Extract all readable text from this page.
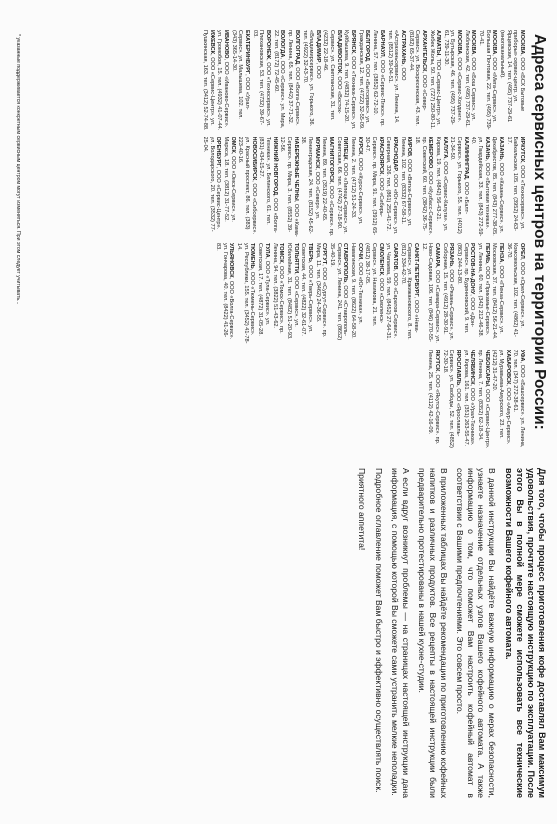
Адреса сервисных центров на территории России:
МОСКВА, ООО «БСХ Бытовые приборы» сервис-центр. ул. Ярцевская, 14. тел. (495) 737-29-61 (многоканальный).
МОСКВА, ООО «Мега-Сервис». ул. Большая Почтовая, 22. тел. (495) 739-70-41.
МОСКВА, ООО «Бош Сервис». ул. Люблинская, 42. тел. (495) 737-29-61.
МОСКВА, ООО «Сервис-Холдинг». ул. Бутырская, 46. тел. (495) 737-29-61, 739-11-30.
АЛМАТЫ, ТОО «Сервис-Центр». ул. Жибек Жолы, 50. тел. (727) 250-80-11.
АРХАНГЕЛЬСК, ООО «Север-Сервис». ул. Воскресенская, 43. тел. (8182) 65-37-44.
АСТРАХАНЬ, ООО «Астраханьсервис». ул. Ленина, 14. тел. (8512) 39-04-51.
БАРНАУЛ, ООО «Сервис-Плюс». пр. Ленина, 57. тел. (3852) 62-72-10.
БЕЛГОРОД, ООО «Бытсервис». ул. Гражданская, 12. тел. (4722) 32-55-09.
БРЯНСК, ООО «Техника-Сервис». ул. Куйбышева, 9. тел. (4832) 74-15-20.
ВЛАДИВОСТОК, ООО «Восток-Сервис». ул. Светланская, 31. тел. (4232) 22-18-46.
ВЛАДИМИР, ООО «Владимирсервис». ул. Горького, 36. тел. (4922) 32-43-70.
ВОЛГОГРАД, ООО «Волга-Сервис». пр. Ленина, 65. тел. (8442) 37-71-32.
ВОЛОГДА, ООО «Сервис». ул. Мира, 22. тел. (8172) 72-45-60.
ВОРОНЕЖ, ООО «Техносервис». ул. Плехановская, 53. тел. (4732) 39-67-03.
ЕКАТЕРИНБУРГ, ООО «Урал-Сервис». ул. Малышева, 102. тел. (343) 365-14-30.
ИВАНОВО, ООО «Иваново-Сервис». ул. Громобоя, 15. тел. (4932) 41-07-44.
ИЖЕВСК, ООО «Сервис-Центр». ул. Пушкинская, 163. тел. (3412) 52-74-88.
ИРКУТСК, ООО «Техносервис». ул. Байкальская, 105. тел. (3952) 24-63-17.
КАЗАНЬ, ООО «Казань-Сервис». ул. Декабристов, 85. тел. (843) 277-38-05.
КАЗАНЬ, ООО «Бытовая техника». ул. Гвардейская, 33. тел. (843) 272-59-40.
КАЛИНИНГРАД, ООО «Балт-Сервис». ул. Горького, 55. тел. (4012) 21-34-50.
КАЛУГА, ООО «Сервис-Калуга». ул. Кирова, 19. тел. (4842) 56-43-21.
КЕМЕРОВО, ООО «Кузбасс-Сервис». пр. Советский, 60. тел. (3842) 36-75-18.
КИРОВ, ООО «Вятка-Сервис». ул. Ленина, 102. тел. (8332) 67-58-11.
КРАСНОДАР, ООО «Юг-Сервис». ул. Северная, 326. тел. (861) 255-41-72.
КРАСНОЯРСК, ООО «Сибирь-Сервис». пр. Мира, 91. тел. (3912) 65-30-47.
КУРСК, ООО «Курск-Сервис». ул. Ленина, 2. тел. (4712) 51-24-33.
ЛИПЕЦК, ООО «Липецк-Сервис». ул. Советская, 66. тел. (4742) 27-18-90.
МАГНИТОГОРСК, ООО «Сервис». пр. Ленина, 89. тел. (3519) 22-40-65.
МУРМАНСК, ООО «Север». ул. Ленинградская, 24. тел. (8152) 45-62-38.
НАБЕРЕЖНЫЕ ЧЕЛНЫ, ООО «Кама-Сервис». пр. Мира, 3. тел. (8552) 39-12-56.
НИЖНИЙ НОВГОРОД, ООО «Волга-Техника». ул. Белинского, 61. тел. (831) 434-15-27.
НОВОСИБИРСК, ООО «Сибсервис». ул. Красный проспект, 86. тел. (383) 223-40-16.
ОМСК, ООО «Омск-Сервис». ул. Маркса, 18. тел. (3812) 31-77-52.
ОРЕНБУРГ, ООО «Сервис-Центр». ул. Володарского, 20. тел. (3532) 77-25-04.
ОРЕЛ, ООО «Орел-Сервис». ул. Комсомольская, 102. тел. (4862) 41-36-70.
ПЕНЗА, ООО «Пенза-Сервис». ул. Московская, 37. тел. (8412) 56-21-44.
ПЕРМЬ, ООО «Прикамье-Сервис». ул. Ленина, 60. тел. (342) 212-46-38.
РОСТОВ-НА-ДОНУ, ООО «Дон-Сервис». пр. Буденновский, 9. тел. (863) 244-13-80.
РЯЗАНЬ, ООО «Рязань-Сервис». ул. Соборная, 15. тел. (4912) 28-30-91.
САМАРА, ООО «Самара-Сервис». ул. Ново-Садовая, 106. тел. (846) 270-55-12.
САНКТ-ПЕТЕРБУРГ, ООО «Нева-Сервис». ул. Кржижановского, 8. тел. (812) 334-42-70.
САРАТОВ, ООО «Саратов-Сервис». ул. Чапаева, 59. тел. (8452) 27-64-31.
СМОЛЕНСК, ООО «Смоленск-Сервис». ул. Нахимова, 21. тел. (4812) 38-17-05.
СОЧИ, ООО «Юг-Техника». ул. Навагинская, 9. тел. (8622) 64-58-20.
СТАВРОПОЛЬ, ООО «Ставрополь-Сервис». ул. Ленина, 241. тел. (8652) 35-40-19.
СУРГУТ, ООО «Сургут-Сервис». пр. Мира, 11. тел. (3462) 24-36-55.
ТВЕРЬ, ООО «Тверь-Сервис». ул. Советская, 44. тел. (4822) 32-61-07.
ТОЛЬЯТТИ, ООО «Сервис». ул. Юбилейная, 31. тел. (8482) 51-20-93.
ТОМСК, ООО «Томск-Сервис». пр. Ленина, 94. тел. (3822) 51-43-62.
ТУЛА, ООО «Тула-Сервис». ул. Советская, 17. тел. (4872) 31-05-28.
ТЮМЕНЬ, ООО «Тюмень-Сервис». ул. Республики, 155. тел. (3452) 41-78-14.
УЛЬЯНОВСК, ООО «Волга-Сервис». ул. Гончарова, 40. тел. (8422) 41-26-83.
УФА, ООО «Башсервис». ул. Ленина, 70. тел. (347) 272-38-61.
ХАБАРОВСК, ООО «Амур-Сервис». ул. Муравьева-Амурского, 23. тел. (4212) 31-47-20.
ЧЕБОКСАРЫ, ООО «Сервис-Центр». пр. Ленина, 7. тел. (8352) 62-18-34.
ЧЕЛЯБИНСК, ООО «Урал-Техника». ул. Кирова, 161. тел. (351) 263-55-47.
ЯРОСЛАВЛЬ, ООО «Ярославль-Сервис». ул. Свободы, 52. тел. (4852) 72-30-18.
ЯКУТСК, ООО «Якутск-Сервис». пр. Ленина, 25. тел. (4112) 42-16-09.
* указанные поддерживается конкретным сервисным центром могут изменяться. При этом следует учитывать...

Для того, чтобы процесс приготовления кофе доставлял Вам максимум удовольствия, прочтите настоящую инструкцию по эксплуатации. После этого Вы в полной мере сможете использовать все технические возможности Вашего кофейного автомата.

В данной инструкции Вы найдёте важную информацию о мерах безопасности, узнаете назначение отдельных узлов Вашего кофейного автомата. А также информацию о том, что поможет Вам настроить кофейный автомат в соответствии с Вашими предпочтениями. Это совсем просто.

В приложенных таблицах Вы найдёте рекомендации по приготовлению кофейных напитков и различных продуктов. Все рецепты в настоящей инструкции были предварительно протестированы в нашей кухне-студии.

А если вдруг возникнут проблемы — на страницах настоящей инструкции дана информация, с помощью которой Вы сможете сами устранить мелкие неполадки.

Подробное оглавление поможет Вам быстро и эффективно осуществлять поиск.

Приятного аппетита!
